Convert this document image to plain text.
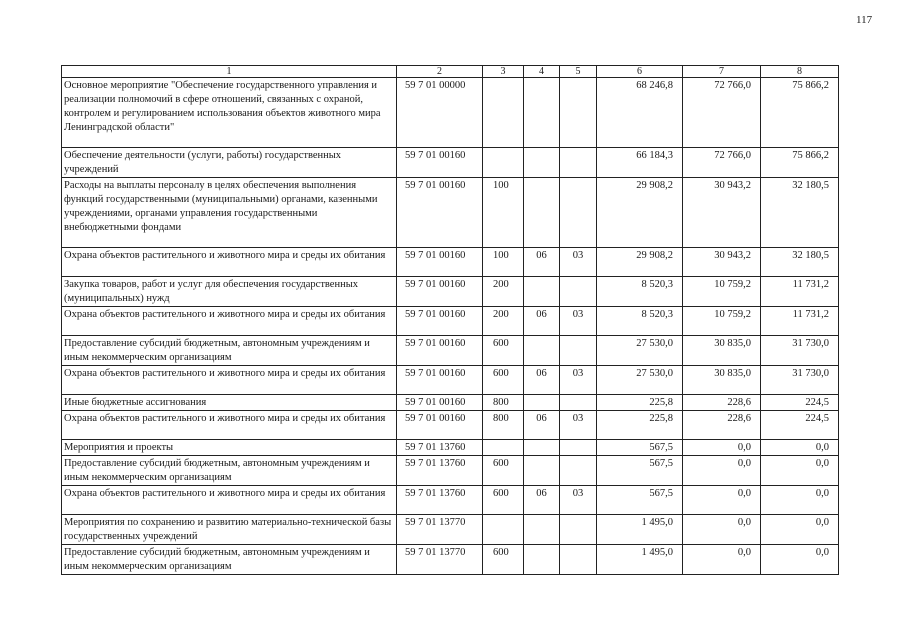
117
1	2	3	4	5	6	7	8
Основное мероприятие "Обеспечение государственного управления и реализации полномочий в сфере отношений, связанных с охраной, контролем и регулированием использования объектов животного мира Ленинградской области"	59 7 01 00000				68 246,8	72 766,0	75 866,2
Обеспечение деятельности (услуги, работы) государственных учреждений	59 7 01 00160				66 184,3	72 766,0	75 866,2
Расходы на выплаты персоналу в целях обеспечения выполнения функций государственными (муниципальными) органами, казенными учреждениями, органами управления государственными внебюджетными фондами	59 7 01 00160	100			29 908,2	30 943,2	32 180,5
Охрана объектов растительного и животного мира и среды их обитания	59 7 01 00160	100	06	03	29 908,2	30 943,2	32 180,5
Закупка товаров, работ и услуг для обеспечения государственных (муниципальных) нужд	59 7 01 00160	200			8 520,3	10 759,2	11 731,2
Охрана объектов растительного и животного мира и среды их обитания	59 7 01 00160	200	06	03	8 520,3	10 759,2	11 731,2
Предоставление субсидий бюджетным, автономным учреждениям и иным некоммерческим организациям	59 7 01 00160	600			27 530,0	30 835,0	31 730,0
Охрана объектов растительного и животного мира и среды их обитания	59 7 01 00160	600	06	03	27 530,0	30 835,0	31 730,0
Иные бюджетные ассигнования	59 7 01 00160	800			225,8	228,6	224,5
Охрана объектов растительного и животного мира и среды их обитания	59 7 01 00160	800	06	03	225,8	228,6	224,5
Мероприятия и проекты	59 7 01 13760				567,5	0,0	0,0
Предоставление субсидий бюджетным, автономным учреждениям и иным некоммерческим организациям	59 7 01 13760	600			567,5	0,0	0,0
Охрана объектов растительного и животного мира и среды их обитания	59 7 01 13760	600	06	03	567,5	0,0	0,0
Мероприятия по сохранению и развитию материально-технической базы государственных учреждений	59 7 01 13770				1 495,0	0,0	0,0
Предоставление субсидий бюджетным, автономным учреждениям и иным некоммерческим организациям	59 7 01 13770	600			1 495,0	0,0	0,0
